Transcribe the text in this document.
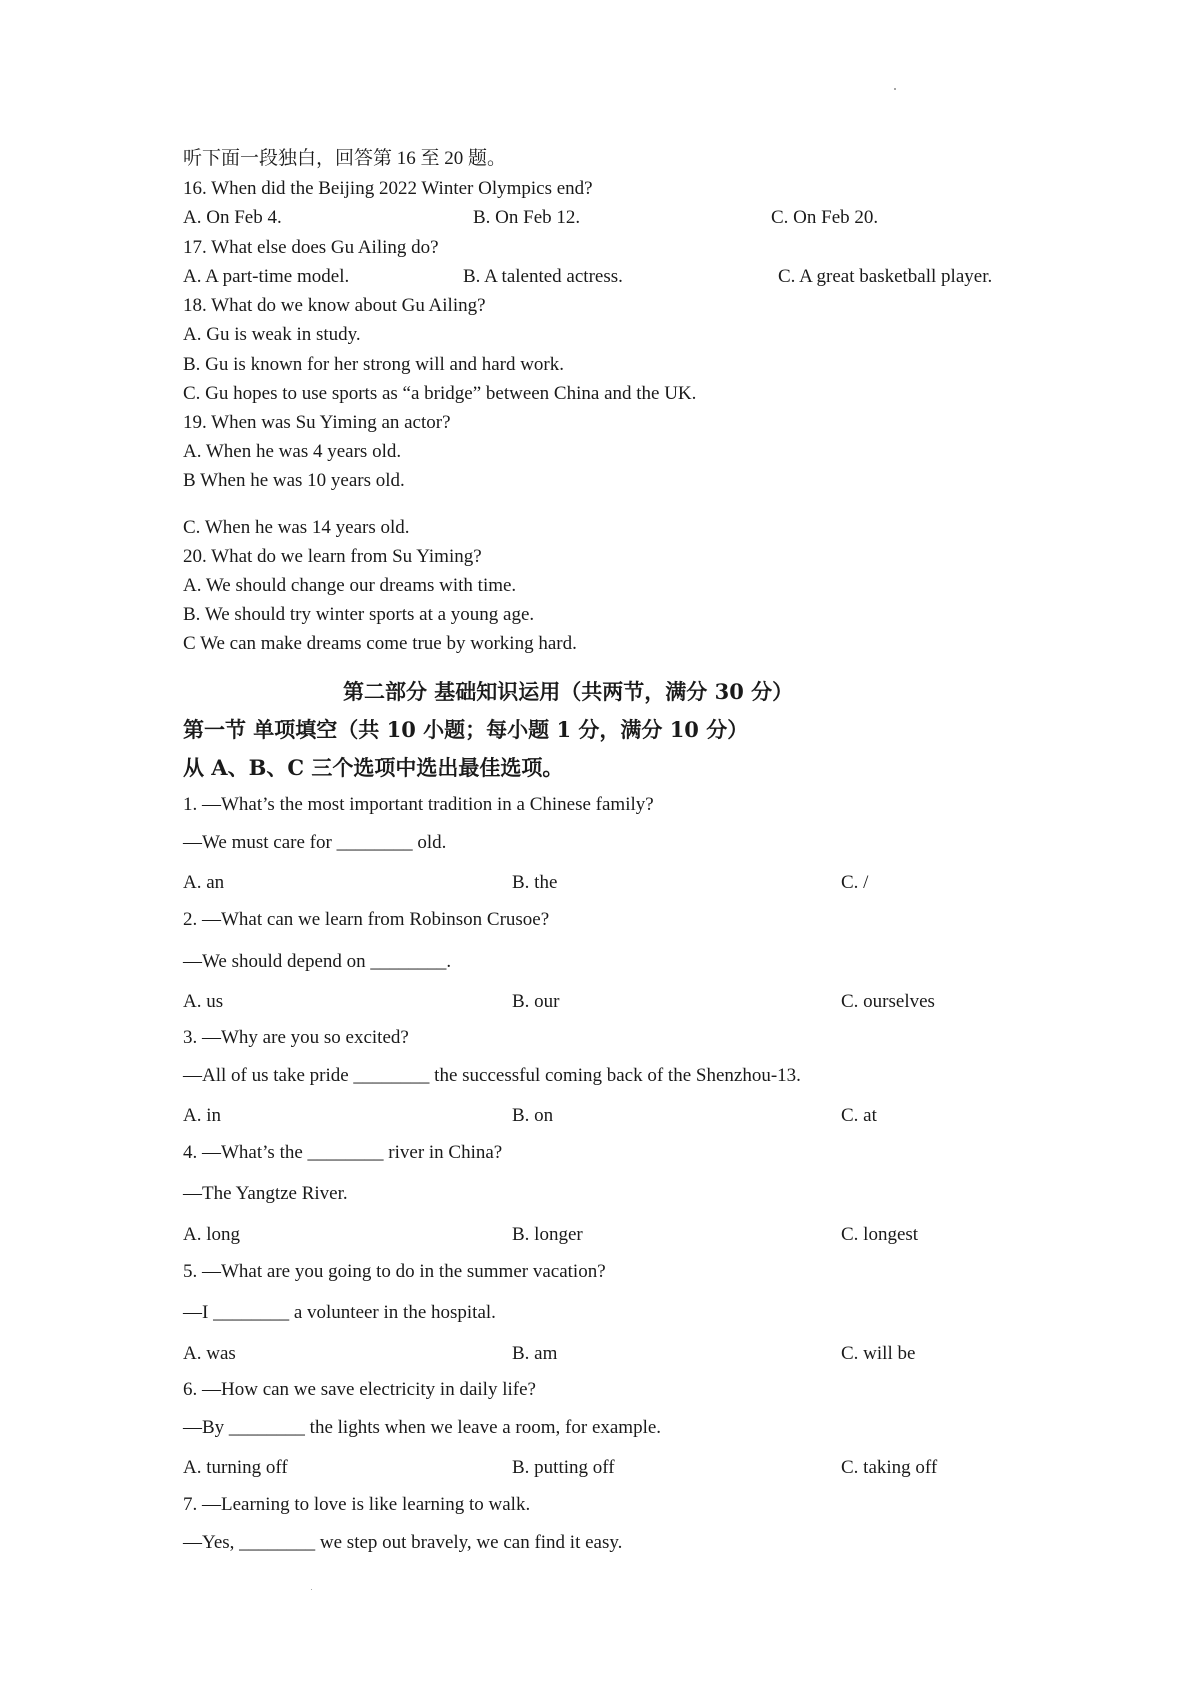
听下面一段独白，回答第 16 至 20 题。
16. When did the Beijing 2022 Winter Olympics end?
A. On Feb 4.	B. On Feb 12.	C. On Feb 20.
17. What else does Gu Ailing do?
A. A part-time model.	B. A talented actress.	C. A great basketball player.
18. What do we know about Gu Ailing?
A. Gu is weak in study.
B. Gu is known for her strong will and hard work.
C. Gu hopes to use sports as “a bridge” between China and the UK.
19. When was Su Yiming an actor?
A. When he was 4 years old.
B When he was 10 years old.
C. When he was 14 years old.
20. What do we learn from Su Yiming?
A. We should change our dreams with time.
B. We should try winter sports at a young age.
C We can make dreams come true by working hard.
第二部分 基础知识运用（共两节，满分 30 分）
第一节 单项填空（共 10 小题；每小题 1 分，满分 10 分）
从 A、B、C 三个选项中选出最佳选项。
1. —What’s the most important tradition in a Chinese family?
—We must care for ________ old.
A. an	B. the	C. /
2. —What can we learn from Robinson Crusoe?
—We should depend on ________.
A. us	B. our	C. ourselves
3. —Why are you so excited?
—All of us take pride ________ the successful coming back of the Shenzhou-13.
A. in	B. on	C. at
4. —What’s the ________ river in China?
—The Yangtze River.
A. long	B. longer	C. longest
5. —What are you going to do in the summer vacation?
—I ________ a volunteer in the hospital.
A. was	B. am	C. will be
6. —How can we save electricity in daily life?
—By ________ the lights when we leave a room, for example.
A. turning off	B. putting off	C. taking off
7. —Learning to love is like learning to walk.
—Yes, ________ we step out bravely, we can find it easy.
